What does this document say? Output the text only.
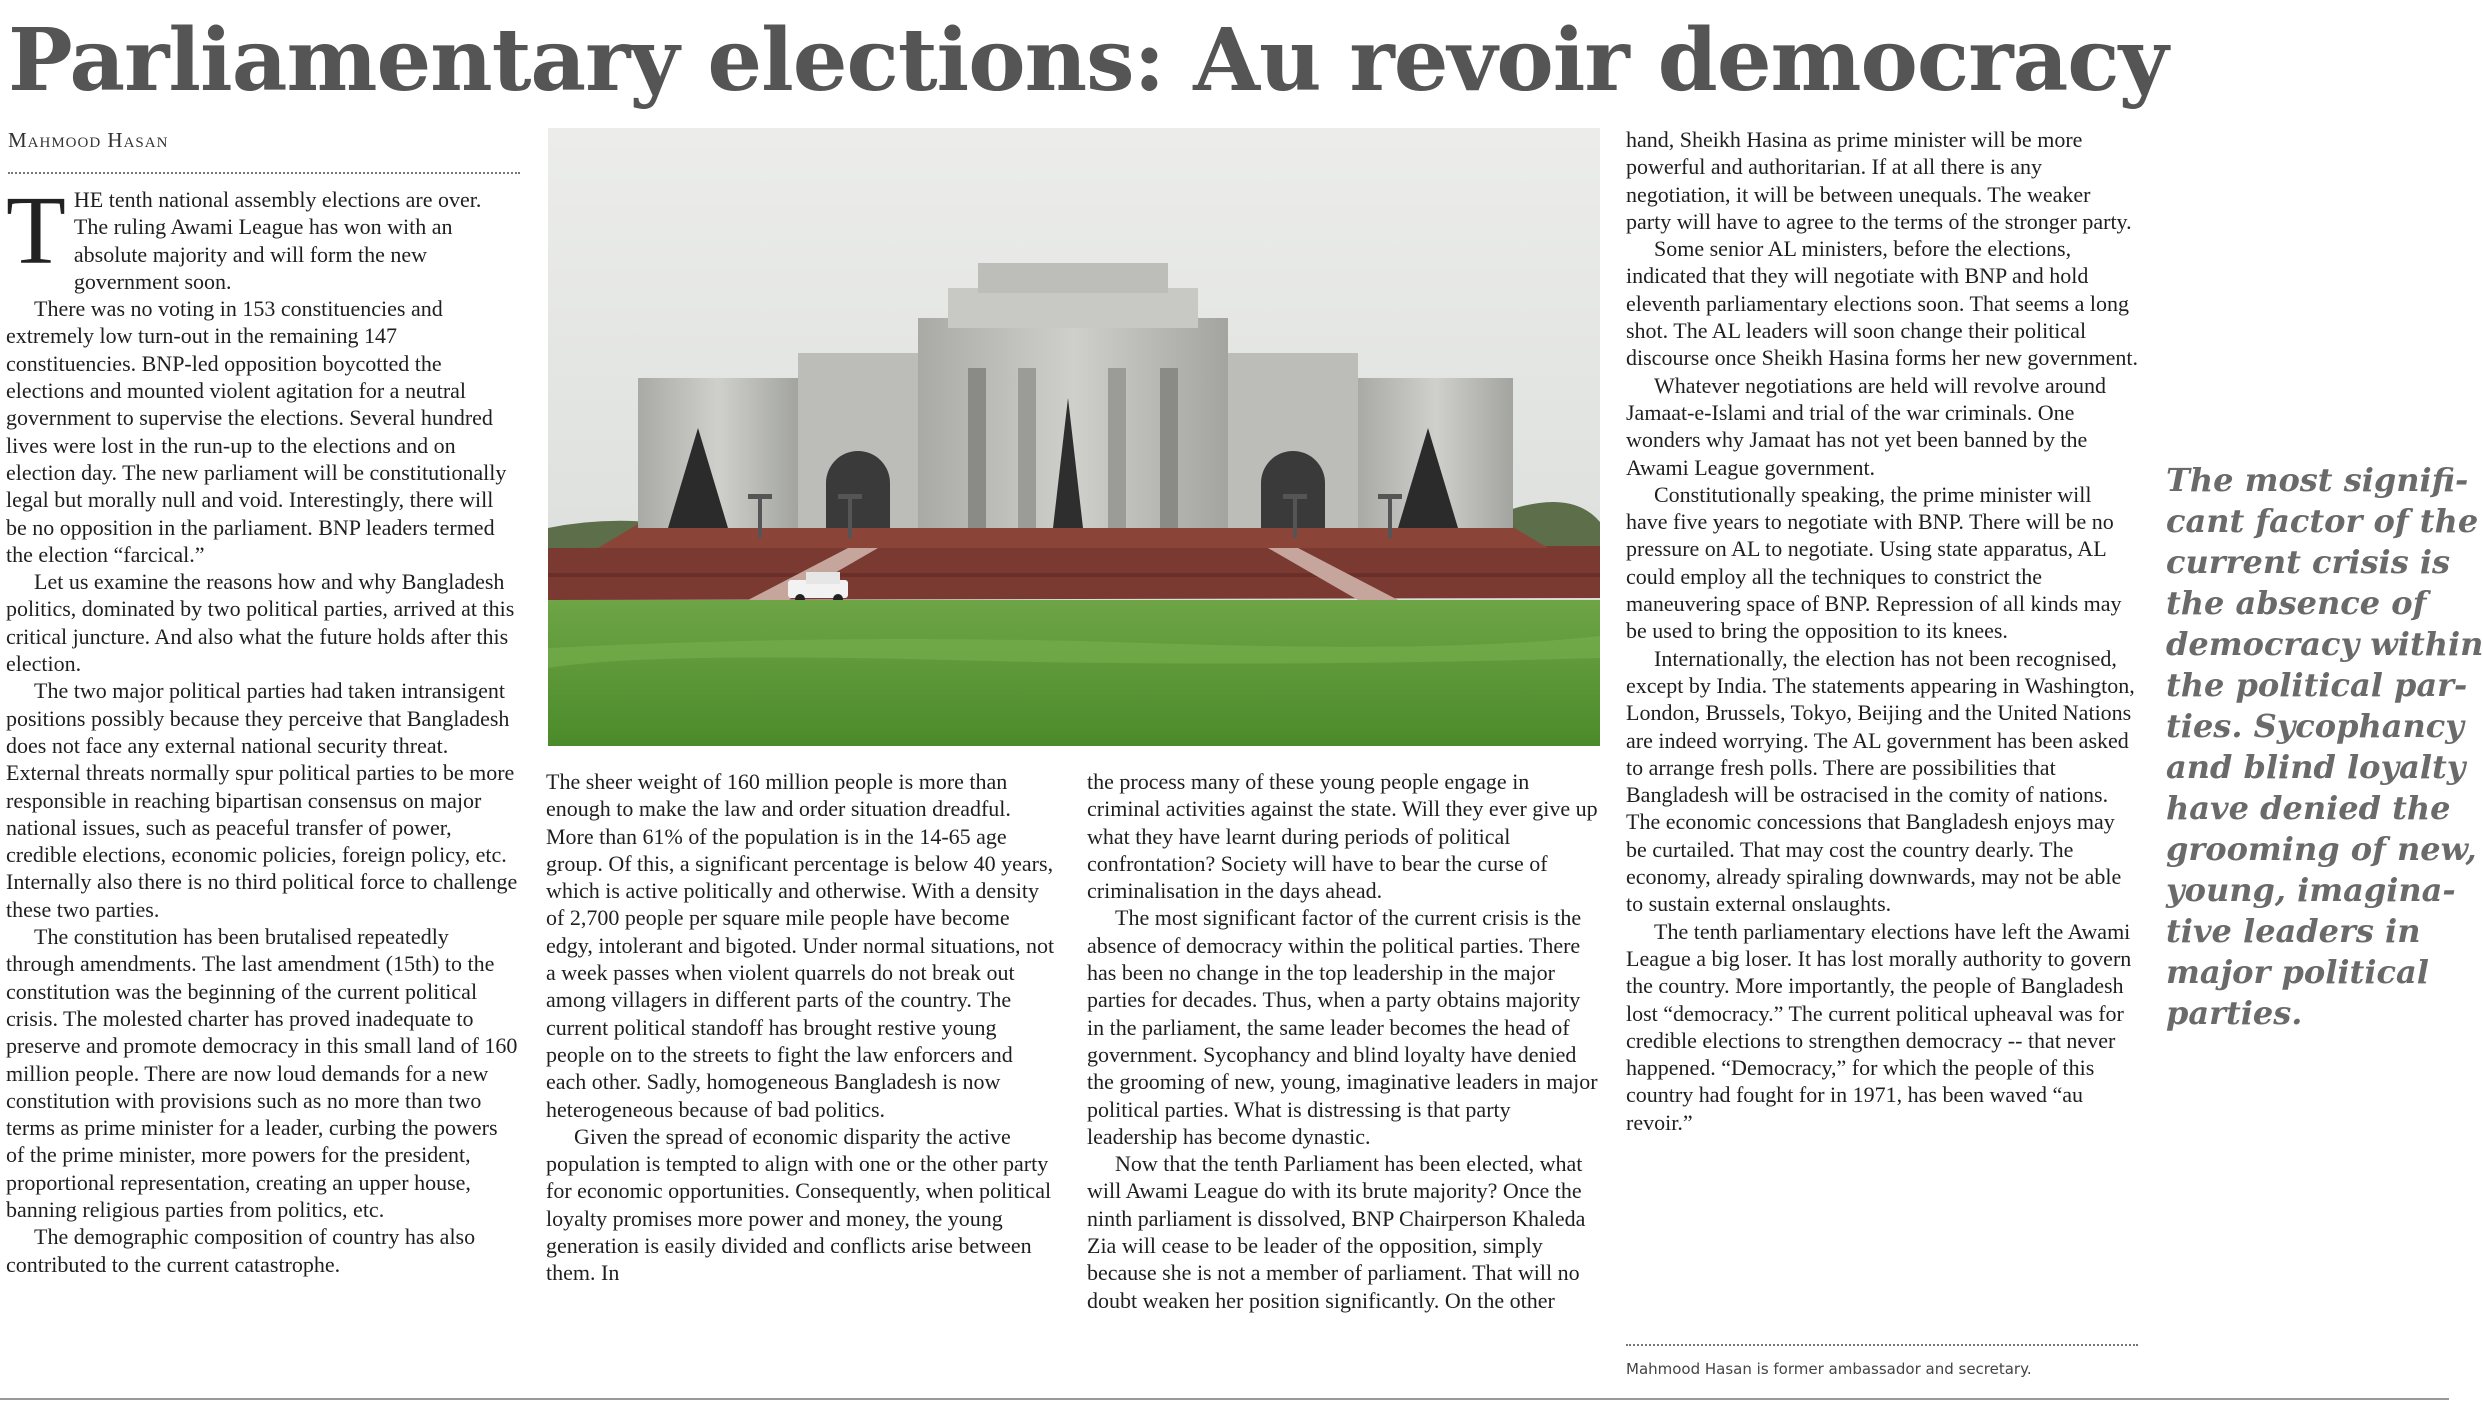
Parliamentary elections: Au revoir democracy
Mahmood Hasan

THE tenth national assembly elections are over. The ruling Awami League has won with an absolute majority and will form the new government soon.

There was no voting in 153 constituencies and extremely low turn-out in the remaining 147 constituencies. BNP-led opposition boycotted the elections and mounted violent agitation for a neutral government to supervise the elections. Several hundred lives were lost in the run-up to the elections and on election day. The new parliament will be constitutionally legal but morally null and void. Interestingly, there will be no opposition in the parliament. BNP leaders termed the election “farcical.”

Let us examine the reasons how and why Bangladesh politics, dominated by two political parties, arrived at this critical juncture. And also what the future holds after this election.

The two major political parties had taken intransigent positions possibly because they perceive that Bangladesh does not face any external national security threat. External threats normally spur political parties to be more responsible in reaching bipartisan consensus on major national issues, such as peaceful transfer of power, credible elections, economic policies, foreign policy, etc. Internally also there is no third political force to challenge these two parties.

The constitution has been brutalised repeatedly through amendments. The last amendment (15th) to the constitution was the beginning of the current political crisis. The molested charter has proved inadequate to preserve and promote democracy in this small land of 160 million people. There are now loud demands for a new constitution with provisions such as no more than two terms as prime minister for a leader, curbing the powers of the prime minister, more powers for the president, proportional representation, creating an upper house, banning religious parties from politics, etc.

The demographic composition of country has also contributed to the current catastrophe.

The sheer weight of 160 million people is more than enough to make the law and order situation dreadful. More than 61% of the population is in the 14-65 age group. Of this, a significant percentage is below 40 years, which is active politically and otherwise. With a density of 2,700 people per square mile people have become edgy, intolerant and bigoted. Under normal situations, not a week passes when violent quarrels do not break out among villagers in different parts of the country. The current political standoff has brought restive young people on to the streets to fight the law enforcers and each other. Sadly, homogeneous Bangladesh is now heterogeneous because of bad politics.

Given the spread of economic disparity the active population is tempted to align with one or the other party for economic opportunities. Consequently, when political loyalty promises more power and money, the young generation is easily divided and conflicts arise between them. In

the process many of these young people engage in criminal activities against the state. Will they ever give up what they have learnt during periods of political confrontation? Society will have to bear the curse of criminalisation in the days ahead.

The most significant factor of the current crisis is the absence of democracy within the political parties. There has been no change in the top leadership in the major parties for decades. Thus, when a party obtains majority in the parliament, the same leader becomes the head of government. Sycophancy and blind loyalty have denied the grooming of new, young, imaginative leaders in major political parties. What is distressing is that party leadership has become dynastic.

Now that the tenth Parliament has been elected, what will Awami League do with its brute majority? Once the ninth parliament is dissolved, BNP Chairperson Khaleda Zia will cease to be leader of the opposition, simply because she is not a member of parliament. That will no doubt weaken her position significantly. On the other

hand, Sheikh Hasina as prime minister will be more powerful and authoritarian. If at all there is any negotiation, it will be between unequals. The weaker party will have to agree to the terms of the stronger party.

Some senior AL ministers, before the elections, indicated that they will negotiate with BNP and hold eleventh parliamentary elections soon. That seems a long shot. The AL leaders will soon change their political discourse once Sheikh Hasina forms her new government.

Whatever negotiations are held will revolve around Jamaat-e-Islami and trial of the war criminals. One wonders why Jamaat has not yet been banned by the Awami League government.

Constitutionally speaking, the prime minister will have five years to negotiate with BNP. There will be no pressure on AL to negotiate. Using state apparatus, AL could employ all the techniques to constrict the maneuvering space of BNP. Repression of all kinds may be used to bring the opposition to its knees.

Internationally, the election has not been recognised, except by India. The statements appearing in Washington, London, Brussels, Tokyo, Beijing and the United Nations are indeed worrying. The AL government has been asked to arrange fresh polls. There are possibilities that Bangladesh will be ostracised in the comity of nations. The economic concessions that Bangladesh enjoys may be curtailed. That may cost the country dearly. The economy, already spiraling downwards, may not be able to sustain external onslaughts.

The tenth parliamentary elections have left the Awami League a big loser. It has lost morally authority to govern the country. More importantly, the people of Bangladesh lost “democracy.” The current political upheaval was for credible elections to strengthen democracy -- that never happened. “Democracy,” for which the people of this country had fought for in 1971, has been waved “au revoir.”

Mahmood Hasan is former ambassador and secretary.
The most signifi-
cant factor of the
current crisis is
the absence of
democracy within
the political par-
ties. Sycophancy
and blind loyalty
have denied the
grooming of new,
young, imagina-
tive leaders in
major political
parties.
